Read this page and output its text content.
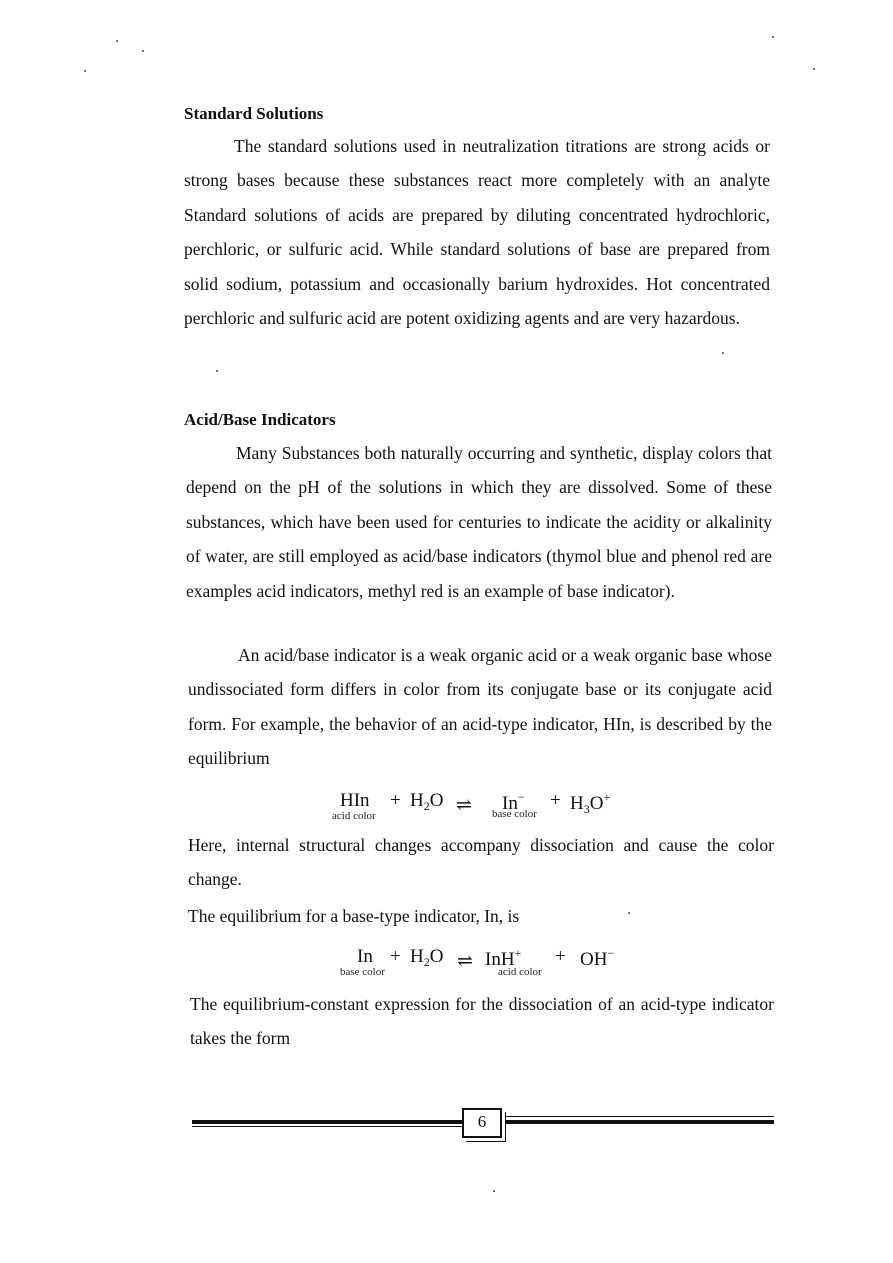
Standard Solutions

The standard solutions used in neutralization titrations are strong acids or strong bases because these substances react more completely with an analyte Standard solutions of acids are prepared by diluting concentrated hydrochloric, perchloric, or sulfuric acid. While standard solutions of base are prepared from solid sodium, potassium and occasionally barium hydroxides. Hot concentrated perchloric and sulfuric acid are potent oxidizing agents and are very hazardous.

Acid/Base Indicators

Many Substances both naturally occurring and synthetic, display colors that depend on the pH of the solutions in which they are dissolved. Some of these substances, which have been used for centuries to indicate the acidity or alkalinity of water, are still employed as acid/base indicators (thymol blue and phenol red are examples acid indicators, methyl red is an example of base indicator).

An acid/base indicator is a weak organic acid or a weak organic base whose undissociated form differs in color from its conjugate base or its conjugate acid form. For example, the behavior of an acid-type indicator, HIn, is described by the equilibrium

HIn + $H_2O$ ⇌ $In^- + H_3O^+$
acid color	base color

Here, internal structural changes accompany dissociation and cause the color change.

The equilibrium for a base-type indicator, In, is

$In + H_2O$ ⇌ InH+ + OH−
base color	acid color

The equilibrium-constant expression for the dissociation of an acid-type indicator takes the form

6
